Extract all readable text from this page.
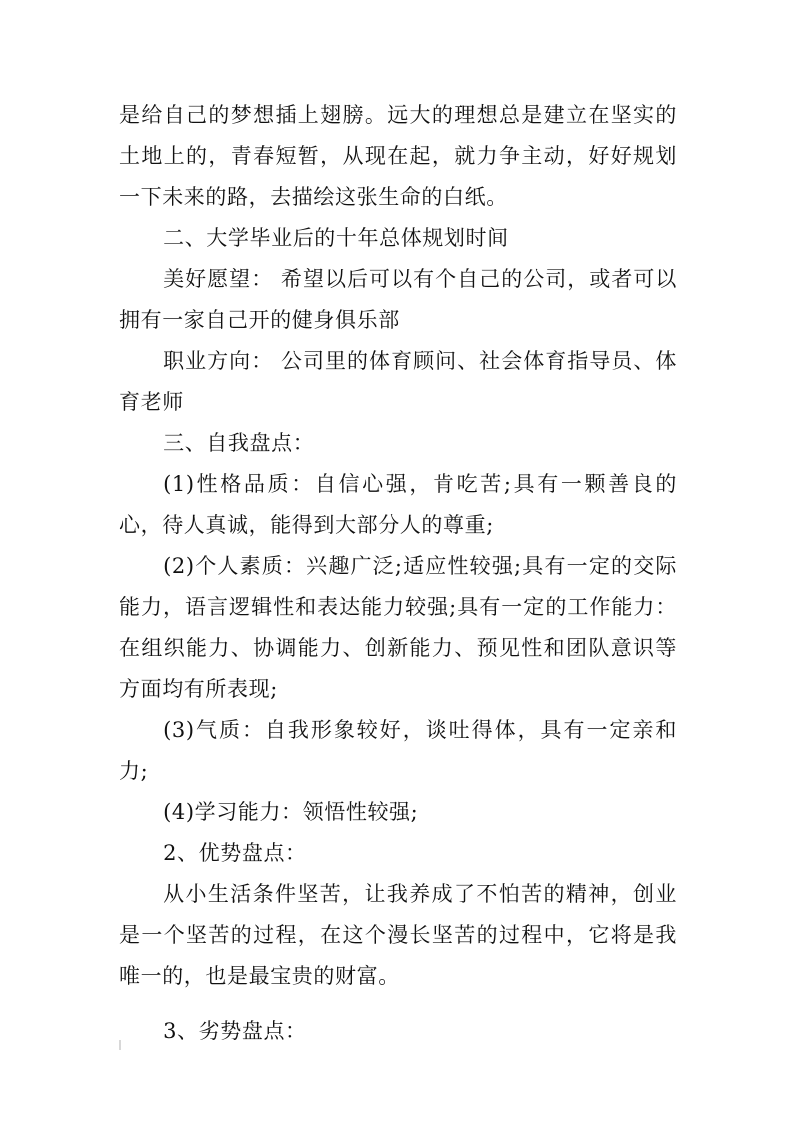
是给自己的梦想插上翅膀。远大的理想总是建立在坚实的土地上的，青春短暂，从现在起，就力争主动，好好规划一下未来的路，去描绘这张生命的白纸。

二、大学毕业后的十年总体规划时间

美好愿望： 希望以后可以有个自己的公司，或者可以拥有一家自己开的健身俱乐部

职业方向： 公司里的体育顾问、社会体育指导员、体育老师

三、自我盘点：

(1)性格品质：自信心强，肯吃苦;具有一颗善良的心，待人真诚，能得到大部分人的尊重;

(2)个人素质：兴趣广泛;适应性较强;具有一定的交际能力，语言逻辑性和表达能力较强;具有一定的工作能力：在组织能力、协调能力、创新能力、预见性和团队意识等方面均有所表现;

(3)气质：自我形象较好，谈吐得体，具有一定亲和力;

(4)学习能力：领悟性较强;

2、优势盘点：

从小生活条件坚苦，让我养成了不怕苦的精神，创业是一个坚苦的过程，在这个漫长坚苦的过程中，它将是我唯一的，也是最宝贵的财富。

3、劣势盘点：
